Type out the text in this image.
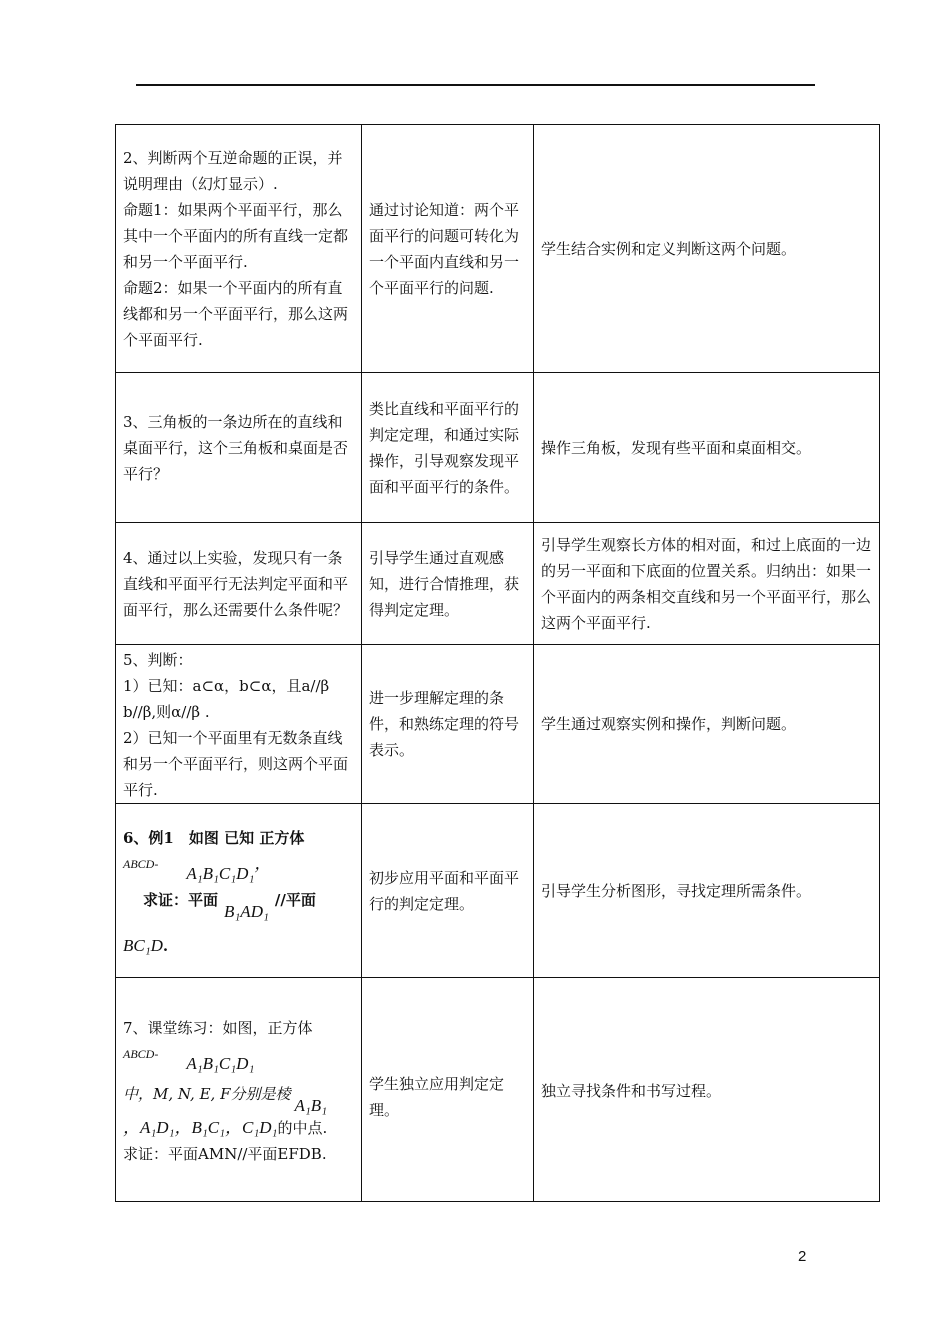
2、判断两个互逆命题的正误，并说明理由（幻灯显示）.
命题1：如果两个平面平行，那么其中一个平面内的所有直线一定都和另一个平面平行.
命题2：如果一个平面内的所有直线都和另一个平面平行，那么这两个平面平行.	通过讨论知道：两个平面平行的问题可转化为一个平面内直线和另一个平面平行的问题.	学生结合实例和定义判断这两个问题。
3、三角板的一条边所在的直线和桌面平行，这个三角板和桌面是否平行？	类比直线和平面平行的判定定理，和通过实际操作，引导观察发现平面和平面平行的条件。	操作三角板，发现有些平面和桌面相交。
4、通过以上实验，发现只有一条直线和平面平行无法判定平面和平面平行，那么还需要什么条件呢？	引导学生通过直观感知，进行合情推理，获得判定定理。	引导学生观察长方体的相对面，和过上底面的一边的另一平面和下底面的位置关系。归纳出：如果一个平面内的两条相交直线和另一个平面平行，那么这两个平面平行.
5、判断：
1）已知：a⊂α，b⊂α，且a//β
b//β,则α//β .
2）已知一个平面里有无数条直线和另一个平面平行，则这两个平面平行.	进一步理解定理的条件，和熟练定理的符号表示。	学生通过观察实例和操作，判断问题。
6、例1　如图 已知 正方体
$^{ABCD-}$ A₁B₁C₁D₁，
求证：平面B₁AD₁//平面
BC₁D.	初步应用平面和平面平行的判定定理。	引导学生分析图形，寻找定理所需条件。
7、课堂练习：如图，正方体
$^{ABCD-}$ A₁B₁C₁D₁
中，M, N, E, F分别是棱A₁B₁
，A₁D₁，B₁C₁，C₁D₁的中点.
求证：平面AMN//平面EFDB.	学生独立应用判定定理。	独立寻找条件和书写过程。
2
